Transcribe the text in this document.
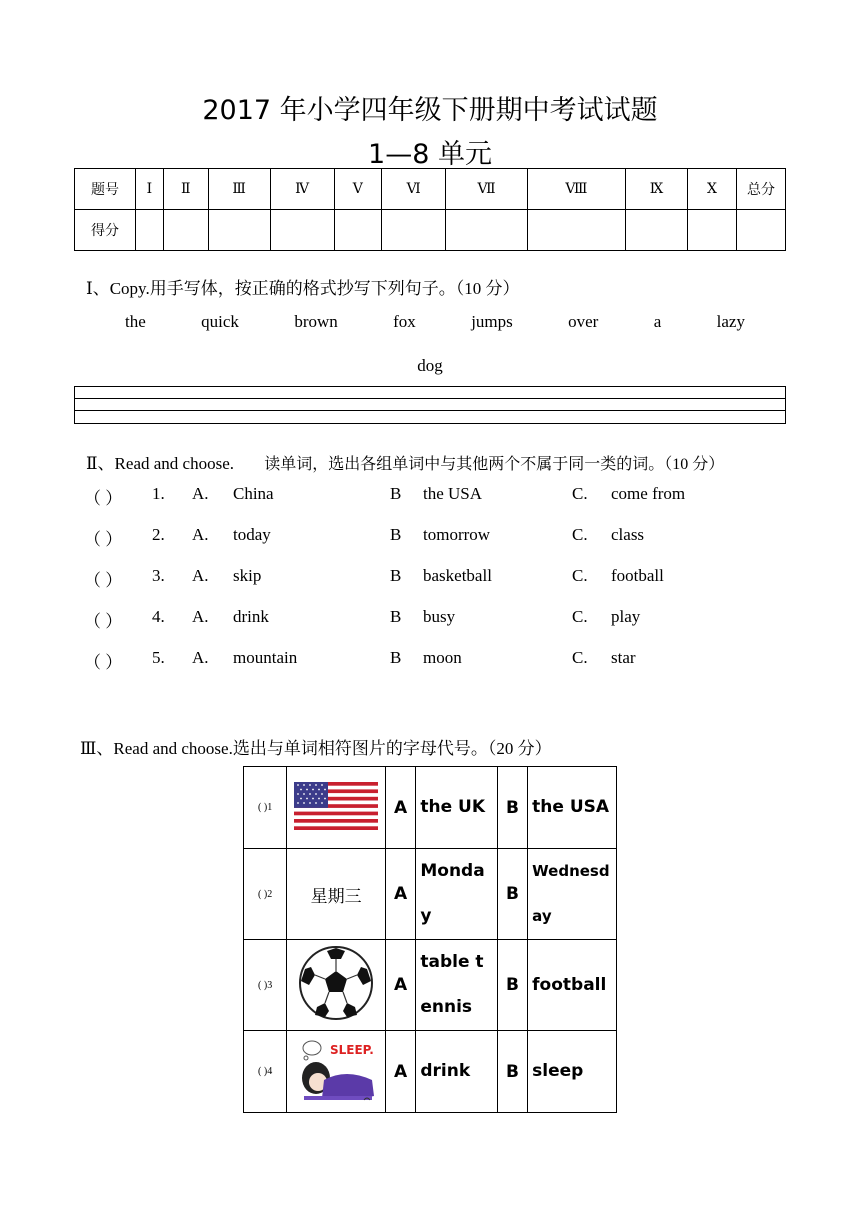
2017 年小学四年级下册期中考试试题
1—8 单元
题号	Ⅰ	Ⅱ	Ⅲ	Ⅳ	Ⅴ	Ⅵ	Ⅶ	Ⅷ	Ⅸ	Ⅹ	总分
得分											
Ⅰ、Copy.用手写体，按正确的格式抄写下列句子。（10 分）
the	quick	brown	fox	jumps	over	a	lazy
dog
Ⅱ、Read and choose. 读单词，选出各组单词中与其他两个不属于同一类的词。（10 分）
（ ） 1. A. China	B the USA	C. come from
（ ） 2. A. today	B tomorrow	C. class
（ ） 3. A. skip	B basketball	C. football
（ ） 4. A. drink	B busy	C. play
（ ） 5. A. mountain	B moon	C. star
Ⅲ、Read and choose.选出与单词相符图片的字母代号。（20 分）
( )1		A	the UK	B	the USA
( )2	星期三	A	Monday	B	Wednesday
( )3		A	table tennis	B	football
( )4	SLEEP.	A	drink	B	sleep
